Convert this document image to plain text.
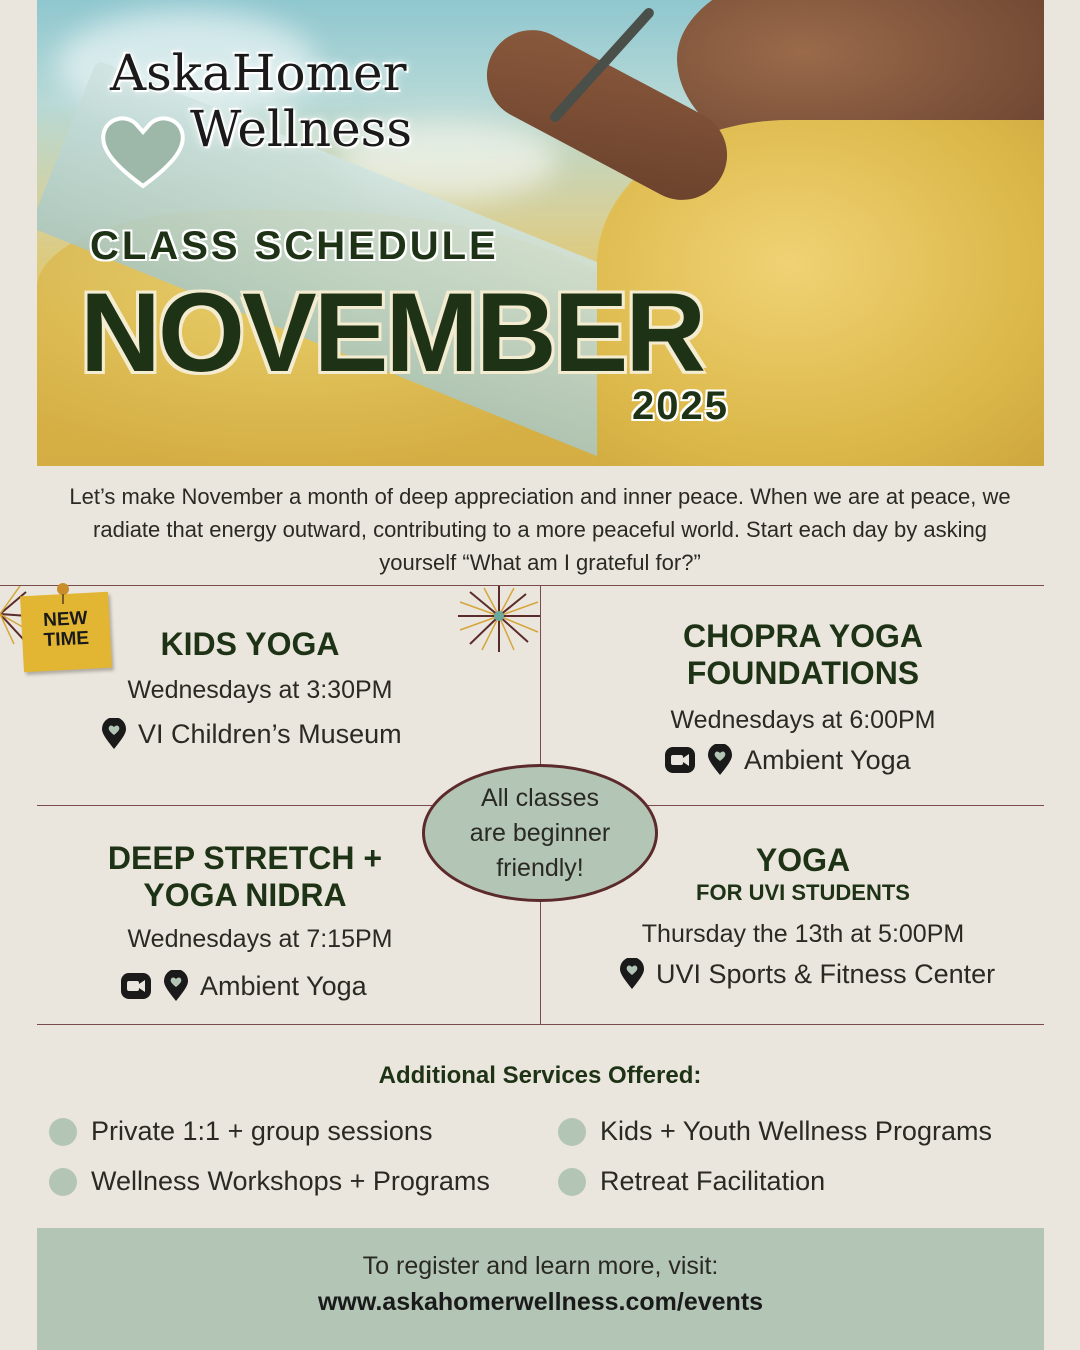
AskaHomer
Wellness
CLASS SCHEDULE
NOVEMBER
2025
Let’s make November a month of deep appreciation and inner peace. When we are at peace, we radiate that energy outward, contributing to a more peaceful world. Start each day by asking yourself “What am I grateful for?”
NEW
TIME	KIDS YOGA
Wednesdays at 3:30PM
VI Children’s Museum
CHOPRA YOGA
FOUNDATIONS
Wednesdays at 6:00PM
Ambient Yoga
DEEP STRETCH +
YOGA NIDRA
Wednesdays at 7:15PM
Ambient Yoga
YOGA
FOR UVI STUDENTS
Thursday the 13th at 5:00PM
UVI Sports & Fitness Center
All classes
are beginner
friendly!
Additional Services Offered:
Private 1:1 + group sessions	Kids + Youth Wellness Programs
Wellness Workshops + Programs	Retreat Facilitation
To register and learn more, visit:
www.askahomerwellness.com/events
